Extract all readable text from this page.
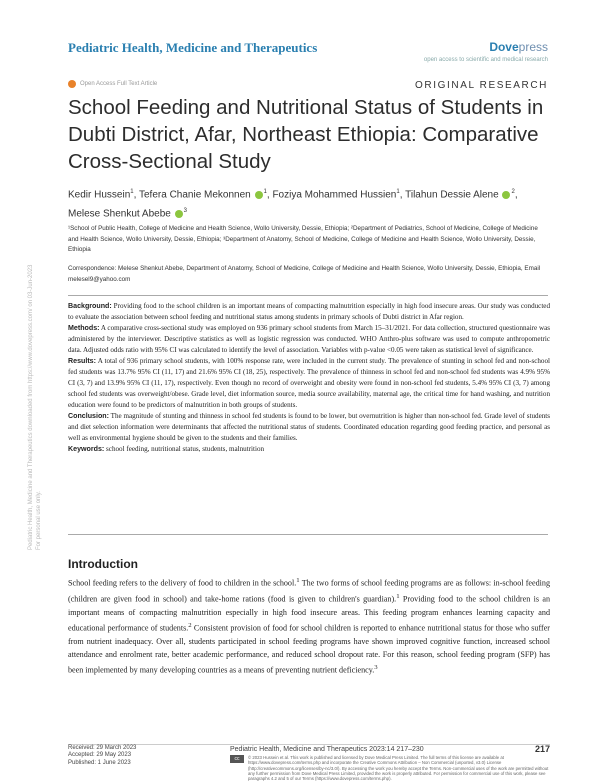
Pediatric Health, Medicine and Therapeutics	Dovepress
open access to scientific and medical research
Open Access Full Text Article	ORIGINAL RESEARCH
School Feeding and Nutritional Status of Students in Dubti District, Afar, Northeast Ethiopia: Comparative Cross-Sectional Study
Kedir Hussein$^1$, Tefera Chanie Mekonnen $^1$, Foziya Mohammed Hussien$^1$, Tilahun Dessie Alene $^2$,
Melese Shenkut Abebe $^3$
¹School of Public Health, College of Medicine and Health Science, Wollo University, Dessie, Ethiopia; ²Department of Pediatrics, School of Medicine, College of Medicine and Health Science, Wollo University, Dessie, Ethiopia; ³Department of Anatomy, School of Medicine, College of Medicine and Health Science, Wollo University, Dessie, Ethiopia
Correspondence: Melese Shenkut Abebe, Department of Anatomy, School of Medicine, College of Medicine and Health Science, Wollo University, Dessie, Ethiopia, Email melesel9@yahoo.com

Background: Providing food to the school children is an important means of compacting malnutrition especially in high food insecure areas. Our study was conducted to evaluate the association between school feeding and nutritional status among students in primary schools of Dubti district in Afar region.

Methods: A comparative cross-sectional study was employed on 936 primary school students from March 15–31/2021. For data collection, structured questionnaire was administered by the interviewer. Descriptive statistics as well as logistic regression was conducted. WHO Anthro-plus software was used to compute anthropometric data. Adjusted odds ratio with 95% CI was calculated to identify the level of association. Variables with p-value <0.05 were taken as statistical level of significance.

Results: A total of 936 primary school students, with 100% response rate, were included in the current study. The prevalence of stunting in school fed and non-school fed students was 13.7% 95% CI (11, 17) and 21.6% 95% CI (18, 25), respectively. The prevalence of thinness in school fed and non-school fed students was 4.9% 95% CI (3, 7) and 13.9% 95% CI (11, 17), respectively. Even though no record of overweight and obesity were found in non-school fed students, 5.4% 95% CI (3, 7) among school fed students was overweight/obese. Grade level, diet information source, media source availability, maternal age, the critical time for hand washing, and nutrition education were found to be predictors of malnutrition in both groups of students.

Conclusion: The magnitude of stunting and thinness in school fed students is found to be lower, but overnutrition is higher than non-school fed. Grade level of students and diet selection information were determinants that affected the nutritional status of students. Coordinated education regarding good feeding practice, and personal as well as environmental hygiene should be given to the students and their families.

Keywords: school feeding, nutritional status, students, malnutrition

Introduction

School feeding refers to the delivery of food to children in the school.$^1$ The two forms of school feeding programs are as follows: in-school feeding (children are given food in school) and take-home rations (food is given to children's guardian).$^1$ Providing food to the school children is an important means of compacting malnutrition especially in high food insecure areas. This feeding program enhances learning capacity and educational performance of students.$^2$ Consistent provision of food for school children is reported to enhance nutritional status for those who suffer from nutrient inadequacy. Over all, students participated in school feeding programs have shown improved cognitive function, increased school attendance and enrolment rate, better academic performance, and reduced school dropout rate. For this reason, school feeding program (SFP) has been implemented by many developing countries as a means of preventing nutrient deficiency.$^3$

Pediatric Health, Medicine and Therapeutics downloaded from https://www.dovepress.com/ on 03-Jun-2023 For personal use only.
Received: 29 March 2023
Accepted: 29 May 2023
Published: 1 June 2023
Pediatric Health, Medicine and Therapeutics 2023:14 217–230	217
cc	© 2023 Hussein et al. This work is published and licensed by Dove Medical Press Limited. The full terms of this license are available at https://www.dovepress.com/terms.php and incorporate the Creative Commons Attribution – Non Commercial (unported, v3.0) License (http://creativecommons.org/licenses/by-nc/3.0/). By accessing the work you hereby accept the Terms. Non-commercial uses of the work are permitted without any further permission from Dove Medical Press Limited, provided the work is properly attributed. For permission for commercial use of this work, please see paragraphs 4.2 and 5 of our Terms (https://www.dovepress.com/terms.php).
